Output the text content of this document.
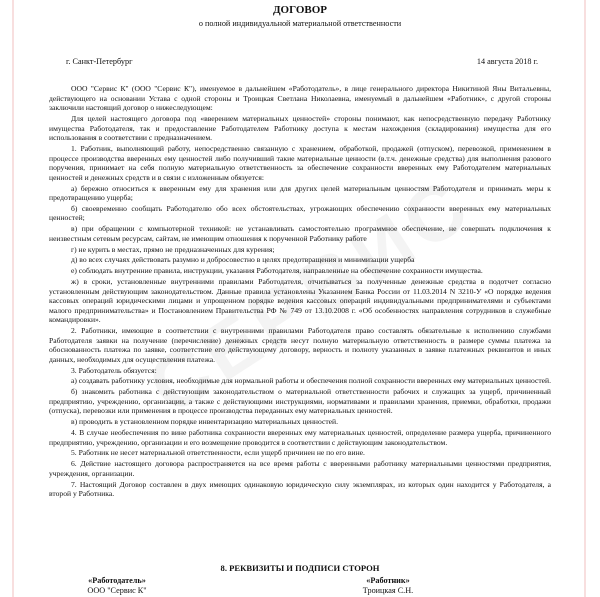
ДОГОВОР
о полной индивидуальной материальной ответственности
г. Санкт-Петербург	14 августа 2018 г.

ООО "Сервис К" (ООО "Сервис К"), именуемое в дальнейшем «Работодатель», в лице генерального директора Никитиной Яны Витальевны, действующего на основании Устава с одной стороны и Троицкая Светлана Николаевна, именуемый в дальнейшем «Работник», с другой стороны заключили настоящий договор о нижеследующем:

Для целей настоящего договора под «вверением материальных ценностей» стороны понимают, как непосредственную передачу Работнику имущества Работодателя, так и предоставление Работодателем Работнику доступа к местам нахождения (складирования) имущества для его использования в соответствии с предназначением.

1. Работник, выполняющий работу, непосредственно связанную с хранением, обработкой, продажей (отпуском), перевозкой, применением в процессе производства вверенных ему ценностей либо получивший такие материальные ценности (в.т.ч. денежные средства) для выполнения разового поручения, принимает на себя полную материальную ответственность за обеспечение сохранности вверенных ему Работодателем материальных ценностей и денежных средств и в связи с изложенным обязуется:

а) бережно относиться к вверенным ему для хранения или для других целей материальным ценностям Работодателя и принимать меры к предотвращению ущерба;

б) своевременно сообщать Работодателю обо всех обстоятельствах, угрожающих обеспечению сохранности вверенных ему материальных ценностей;

в) при обращении с компьютерной техникой: не устанавливать самостоятельно программное обеспечение, не совершать подключения к неизвестным сетевым ресурсам, сайтам, не имеющим отношения к порученной Работнику работе

г) не курить в местах, прямо не предназначенных для курения;

д) во всех случаях действовать разумно и добросовестно в целях предотвращения и минимизации ущерба

е) соблюдать внутренние правила, инструкции, указания Работодателя, направленные на обеспечение сохранности имущества.

ж) в сроки, установленные внутренними правилами Работодателя, отчитываться за полученные денежные средства в подотчет согласно установленным действующим законодательством. Данные правила установлены Указанием Банка России от 11.03.2014 N 3210-У «О порядке ведения кассовых операций юридическими лицами и упрощенном порядке ведения кассовых операций индивидуальными предпринимателями и субъектами малого предпринимательства» и Постановлением Правительства РФ № 749 от 13.10.2008 г. «Об особенностях направления сотрудников в служебные командировки».

2. Работники, имеющие в соответствии с внутренними правилами Работодателя право составлять обязательные к исполнению службами Работодателя заявки на получение (перечисление) денежных средств несут полную материальную ответственность в размере суммы платежа за обоснованность платежа по заявке, соответствие его действующему договору, верность и полноту указанных в заявке платежных реквизитов и иных данных, необходимых для осуществления платежа.

3. Работодатель обязуется:

а) создавать работнику условия, необходимые для нормальной работы и обеспечения полной сохранности вверенных ему материальных ценностей.

б) знакомить работника с действующим законодательством о материальной ответственности рабочих и служащих за ущерб, причиненный предприятию, учреждению, организации, а также с действующими инструкциями, нормативами и правилами хранения, приемки, обработки, продажи (отпуска), перевозки или применения в процессе производства переданных ему материальных ценностей.

в) проводить в установленном порядке инвентаризацию материальных ценностей.

4. В случае необеспечения по вине работника сохранности вверенных ему материальных ценностей, определение размера ущерба, причиненного предприятию, учреждению, организации и его возмещение проводится в соответствии с действующим законодательством.

5. Работник не несет материальной ответственности, если ущерб причинен не по его вине.

6. Действие настоящего договора распространяется на все время работы с вверенными работнику материальными ценностями предприятия, учреждения, организации.

7. Настоящий Договор составлен в двух имеющих одинаковую юридическую силу экземплярах, из которых один находится у Работодателя, а второй у Работника.

8. РЕКВИЗИТЫ И ПОДПИСИ СТОРОН
«Работодатель»
ООО "Сервис К"
«Работник»
Троицкая С.Н.
